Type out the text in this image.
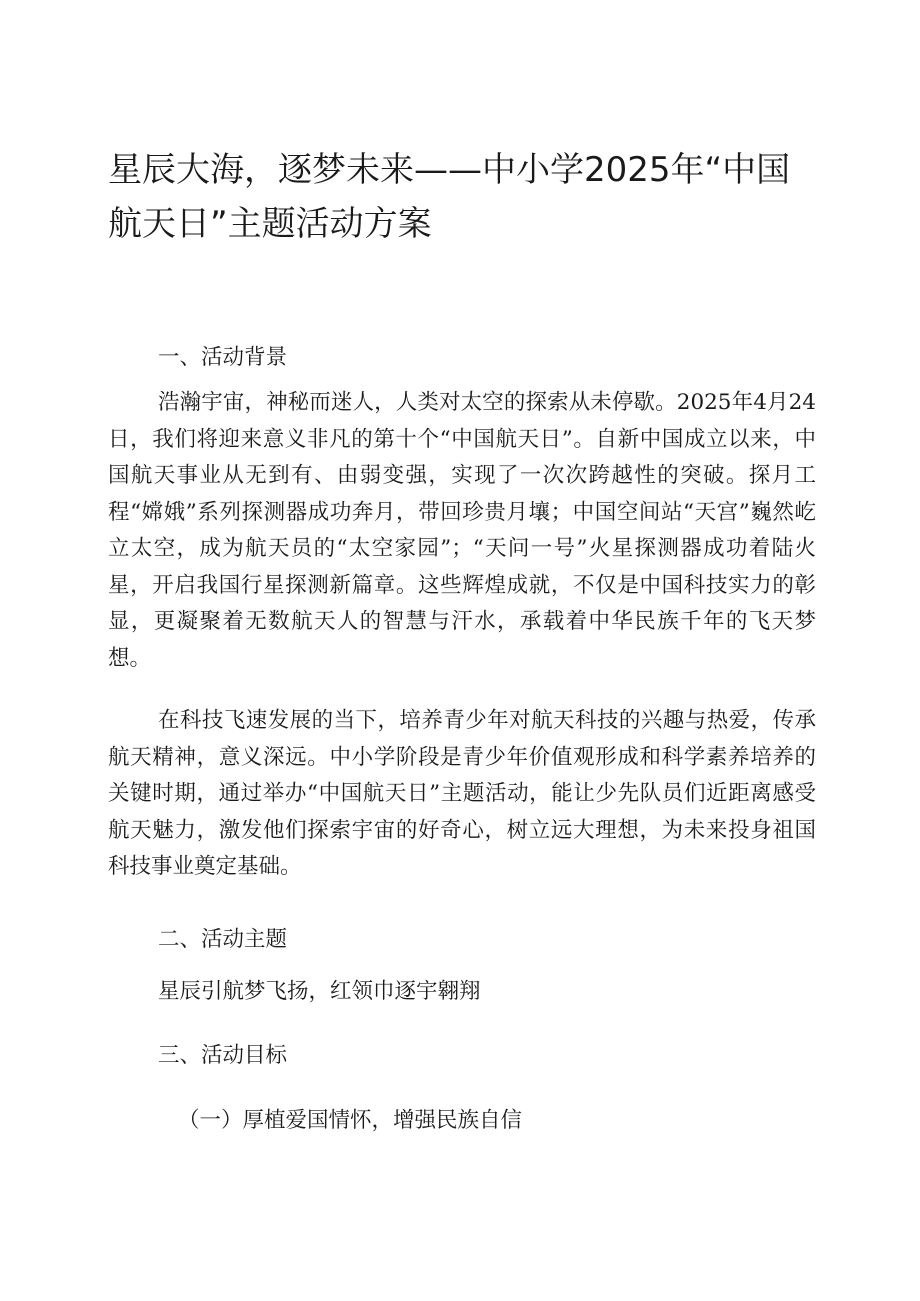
星辰大海，逐梦未来——中小学2025年“中国航天日”主题活动方案
一、活动背景

浩瀚宇宙，神秘而迷人，人类对太空的探索从未停歇。2025年4月24日，我们将迎来意义非凡的第十个“中国航天日”。自新中国成立以来，中国航天事业从无到有、由弱变强，实现了一次次跨越性的突破。探月工程“嫦娥”系列探测器成功奔月，带回珍贵月壤；中国空间站“天宫”巍然屹立太空，成为航天员的“太空家园”；“天问一号”火星探测器成功着陆火星，开启我国行星探测新篇章。这些辉煌成就，不仅是中国科技实力的彰显，更凝聚着无数航天人的智慧与汗水，承载着中华民族千年的飞天梦想。

在科技飞速发展的当下，培养青少年对航天科技的兴趣与热爱，传承航天精神，意义深远。中小学阶段是青少年价值观形成和科学素养培养的关键时期，通过举办“中国航天日”主题活动，能让少先队员们近距离感受航天魅力，激发他们探索宇宙的好奇心，树立远大理想，为未来投身祖国科技事业奠定基础。

二、活动主题
星辰引航梦飞扬，红领巾逐宇翱翔
三、活动目标
（一）厚植爱国情怀，增强民族自信
